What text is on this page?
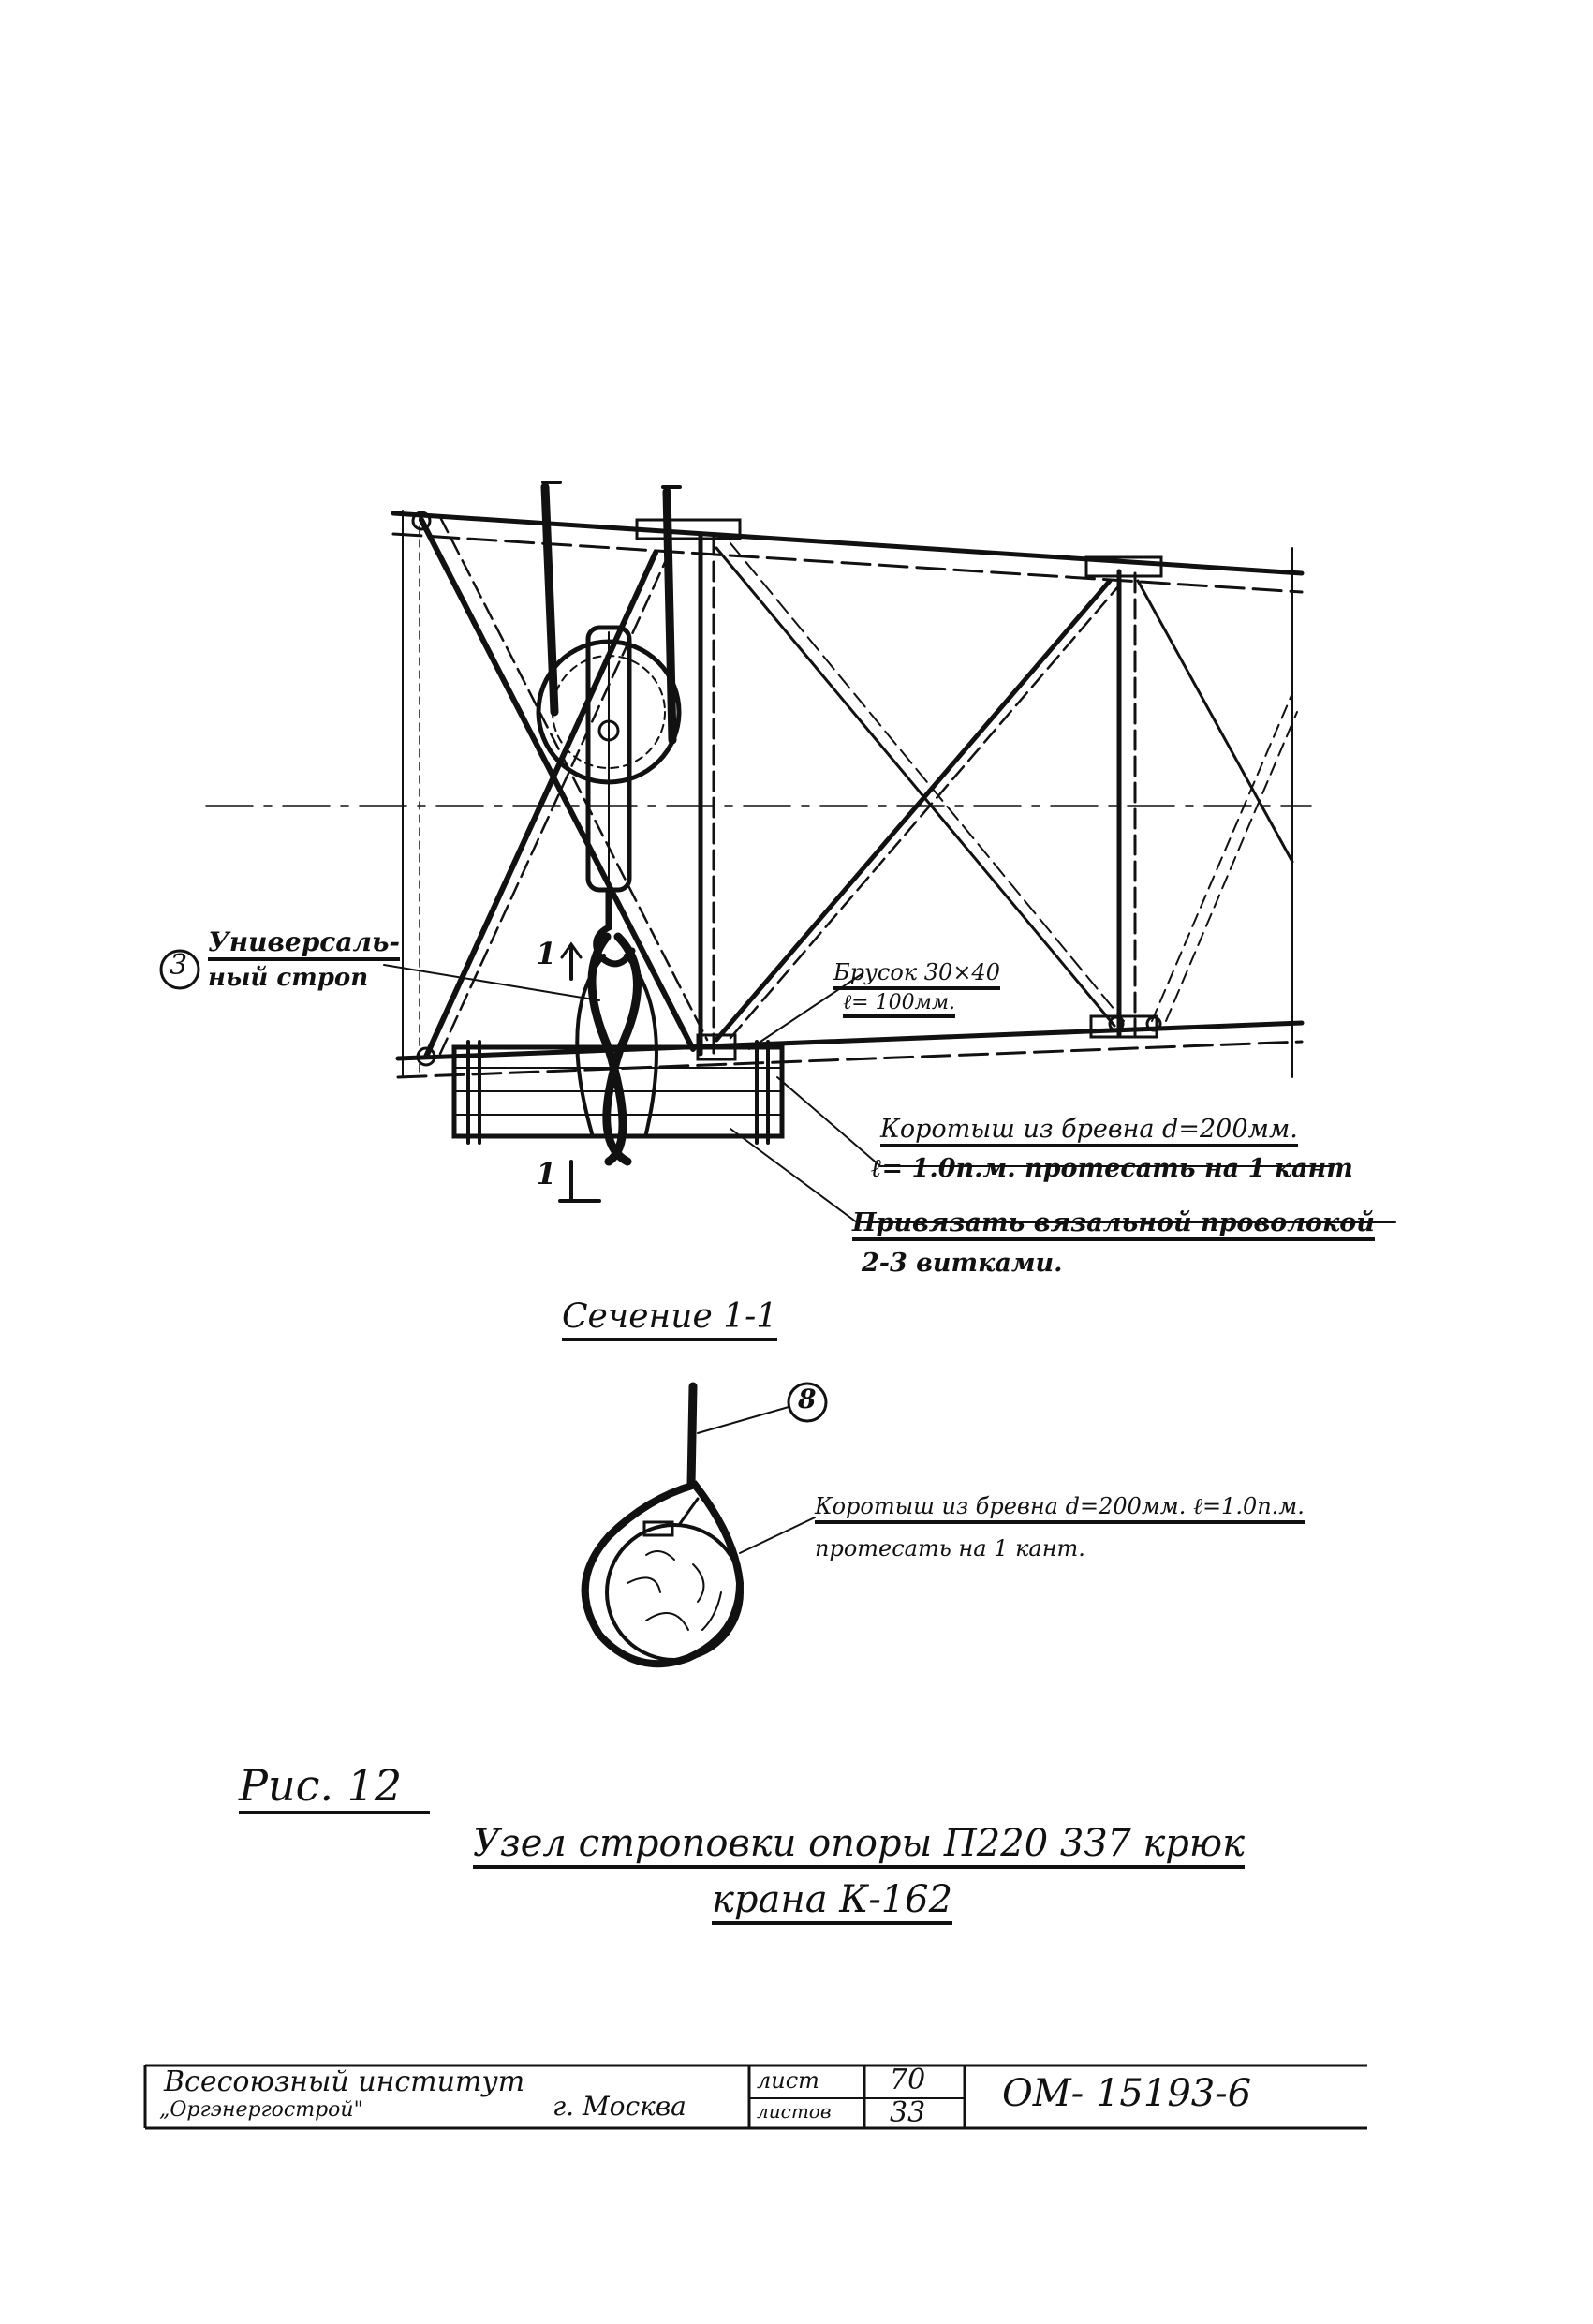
3
Универсаль-
ный строп
1
1
Брусок 30×40
ℓ= 100мм.
Коротыш из бревна d=200мм.
ℓ= 1.0п.м. протесать на 1 кант
Привязать вязальной проволокой
2-3 витками.
Сечение 1-1
8
Коротыш из бревна d=200мм. ℓ=1.0п.м.
протесать на 1 кант.
Рис. 12
Узел строповки опоры П220 3З7 крюк
крана К-162
Всесоюзный институт
„Оргэнергострой"	г. Москва
лист	70
листов 33 ОМ- 15193-6
